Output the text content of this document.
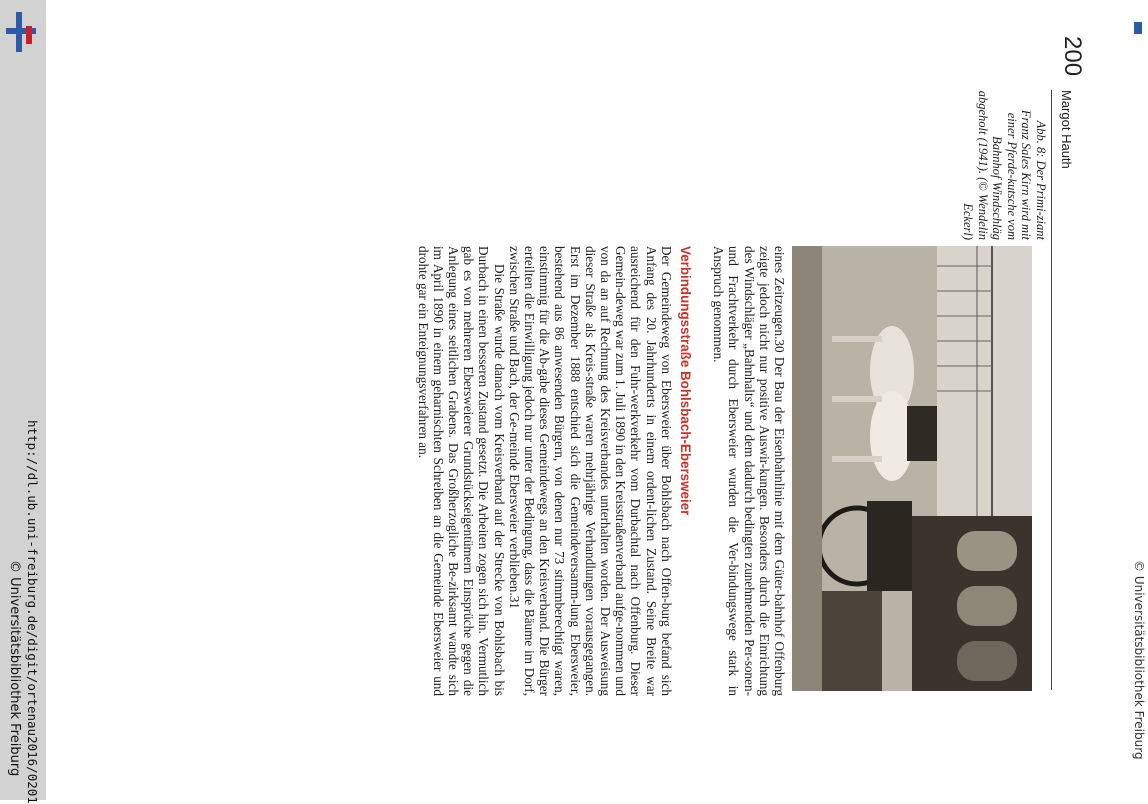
http://dl.ub.uni-freiburg.de/digit/ortenau2016/0201
© Universitätsbibliothek Freiburg	© Universitätsbibliothek Freiburg
200
Margot Hauth
Abb. 8: Der Primi-ziant Franz Sales Kirn wird mit einer Pferde-kutsche vom Bahnhof Windschläg abgeholt (1941). (© Wendelin Eckerl)

eines Zeitzeugen.30 Der Bau der Eisenbahnlinie mit dem Güter-bahnhof Offenburg zeigte jedoch nicht nur positive Auswir-kungen. Besonders durch die Einrichtung des Windschläger „Bahnhalts“ und dem dadurch bedingten zunehmenden Per-sonen- und Frachtverkehr durch Ebersweier wurden die Ver-bindungswege stark in Anspruch genommen.

Verbindungsstraße Bohlsbach-Ebersweier

Der Gemeindeweg von Ebersweier über Bohlsbach nach Offen-burg befand sich Anfang des 20. Jahrhunderts in einem ordent-lichen Zustand. Seine Breite war ausreichend für den Fuhr-werkverkehr vom Durbachtal nach Offenburg. Dieser Gemein-deweg war zum 1. Juli 1890 in den Kreisstraßenverband aufge-nommen und von da an auf Rechnung des Kreisverbandes unterhalten worden. Der Ausweisung dieser Straße als Kreis-straße waren mehrjährige Verhandlungen vorausgegangen. Erst im Dezember 1888 entschied sich die Gemeindeversamm-lung Ebersweier, bestehend aus 86 anwesenden Bürgern, von denen nur 73 stimmberechtigt waren, einstimmig für die Ab-gabe dieses Gemeindewegs an den Kreisverband. Die Bürger erteilten die Einwilligung jedoch nur unter der Bedingung, dass die Bäume im Dorf, zwischen Straße und Bach, der Ge-meinde Ebersweier verblieben.31

Die Straße wurde danach vom Kreisverband auf der Strecke von Bohlsbach bis Durbach in einen besseren Zustand gesetzt. Die Arbeiten zogen sich hin. Vermutlich gab es von mehreren Ebersweierer Grundstückseigentümern Einsprüche gegen die Anlegung eines seitlichen Grabens. Das Großherzogliche Be-zirksamt wandte sich im April 1890 in einem geharnischten Schreiben an die Gemeinde Ebersweier und drohte gar ein Enteignungsverfahren an.
